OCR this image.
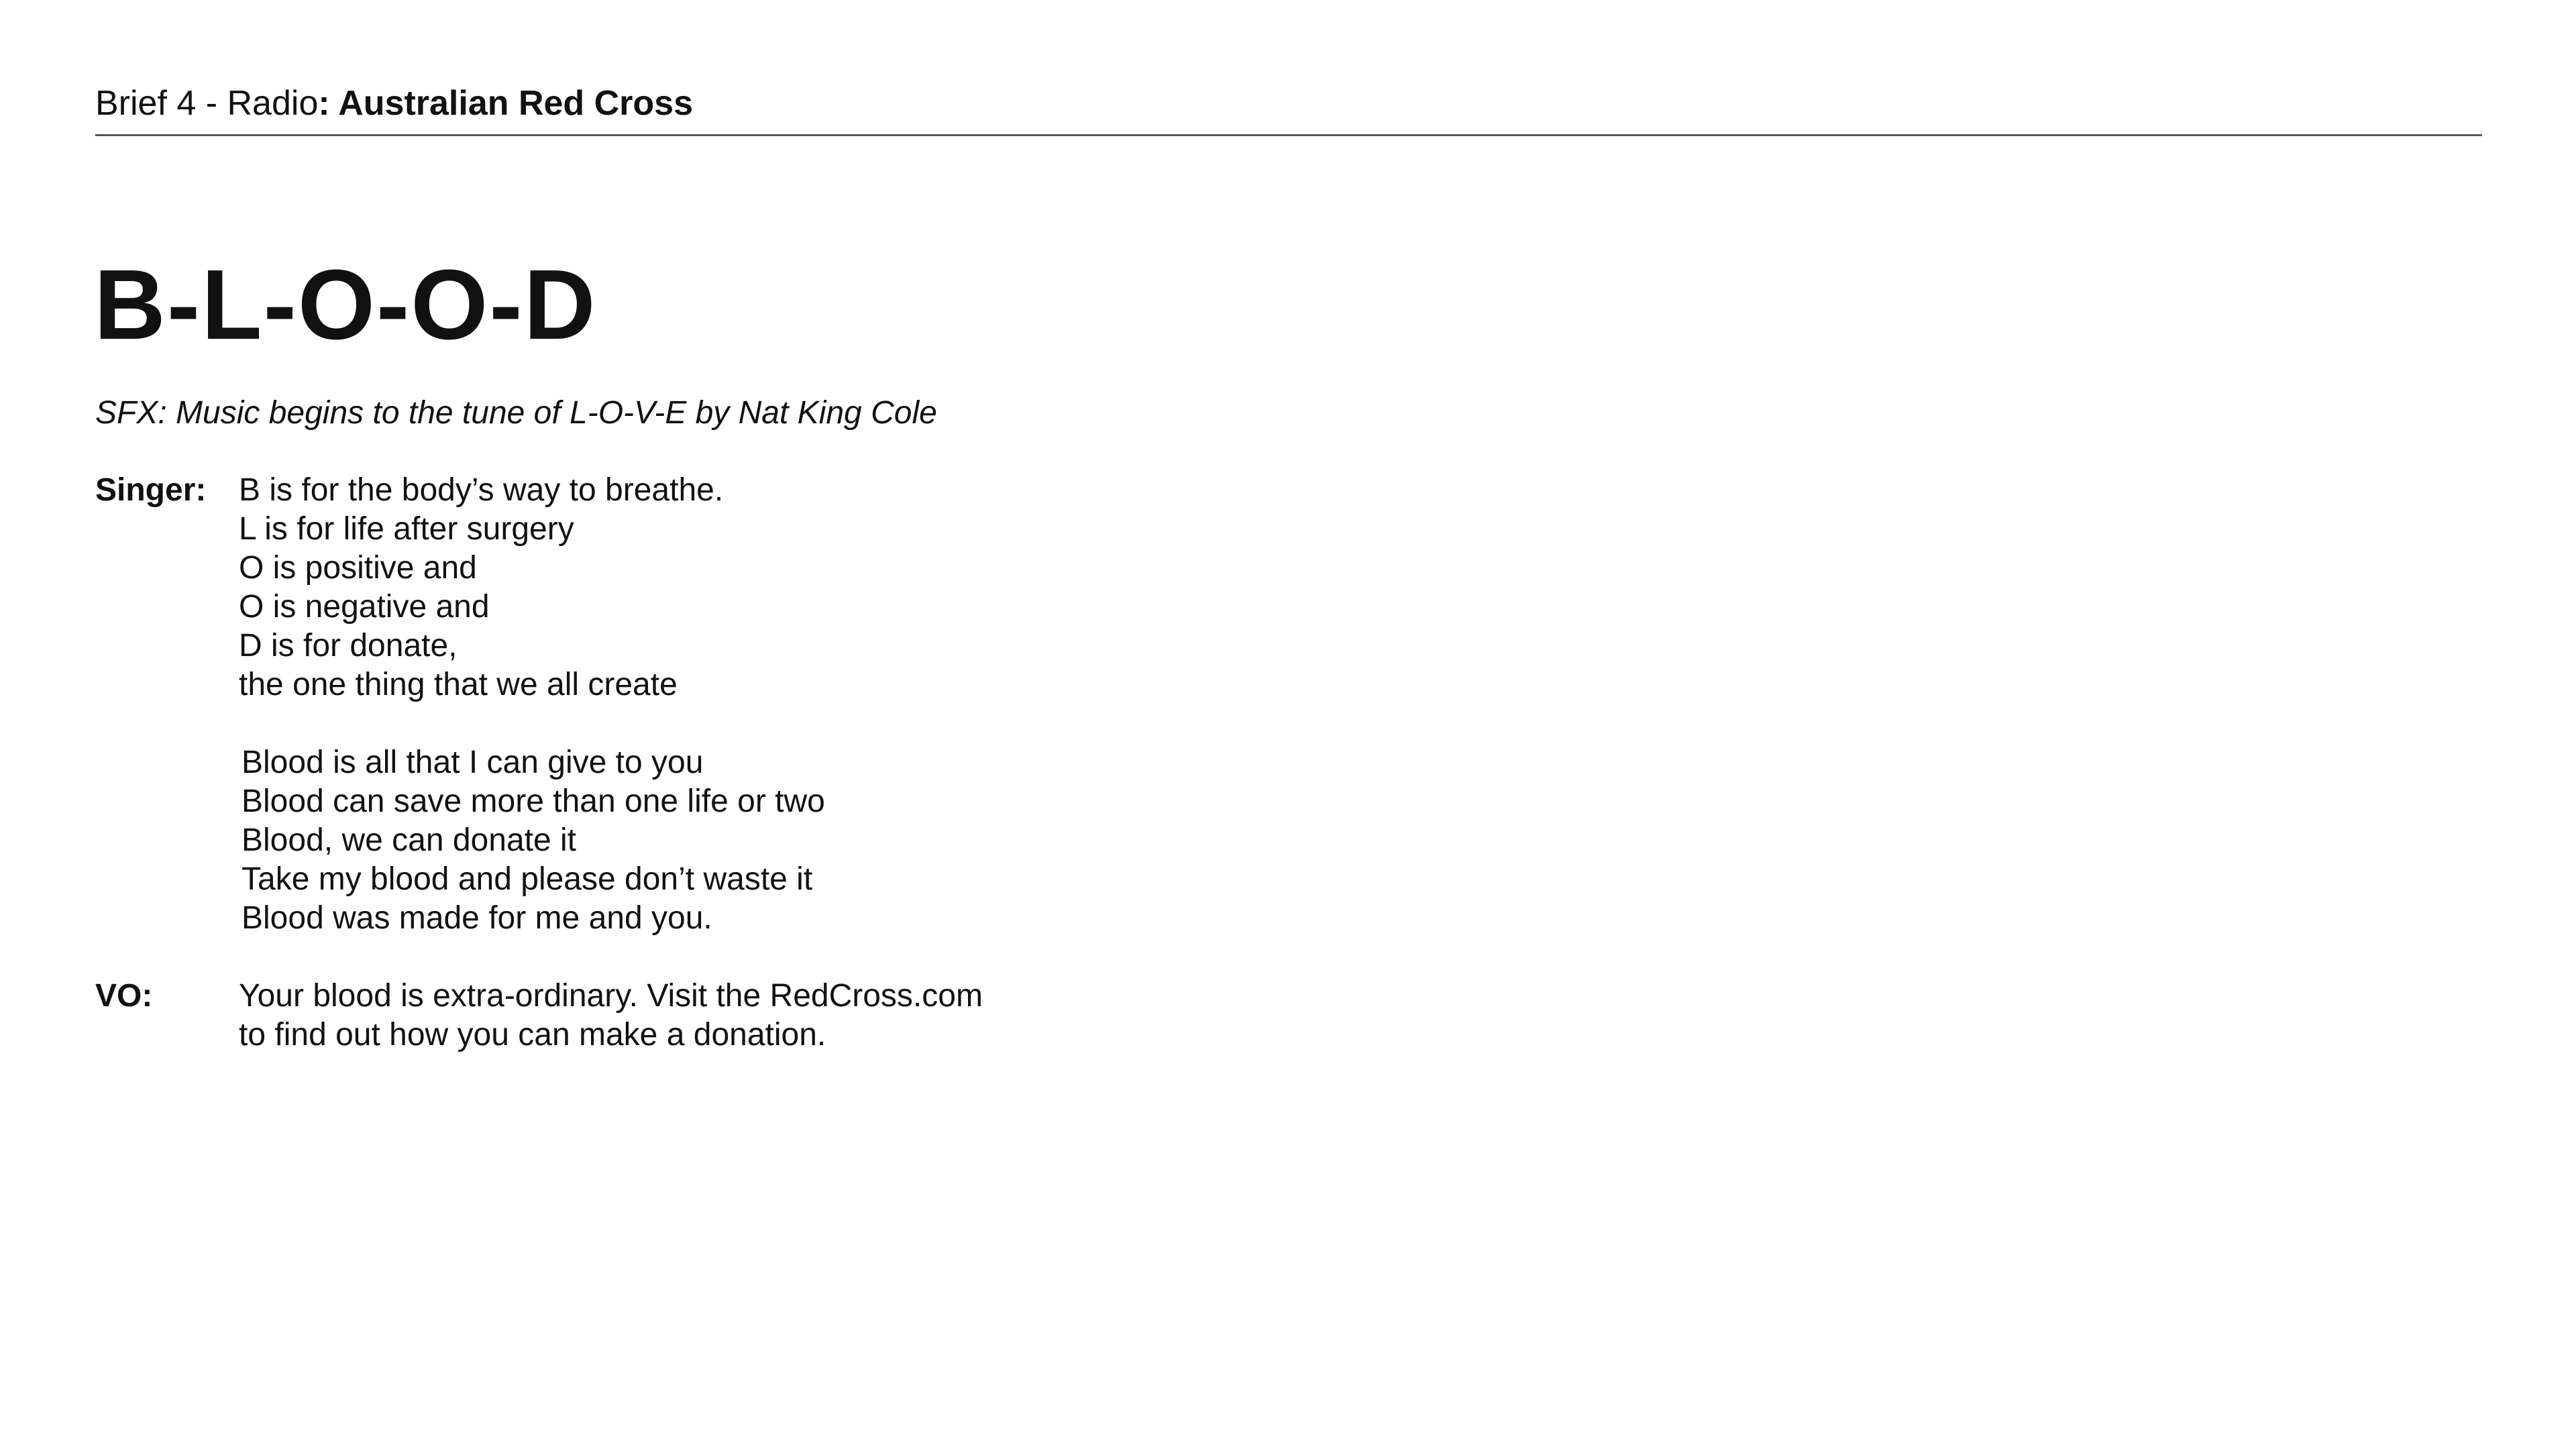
Brief 4 - Radio: Australian Red Cross
B-L-O-O-D
SFX: Music begins to the tune of L-O-V-E by Nat King Cole
Singer: B is for the body’s way to breathe.
L is for life after surgery
O is positive and
O is negative and
D is for donate,
the one thing that we all create
Blood is all that I can give to you
Blood can save more than one life or two
Blood, we can donate it
Take my blood and please don’t waste it
Blood was made for me and you.
VO:	Your blood is extra-ordinary. Visit the RedCross.com
to find out how you can make a donation.
